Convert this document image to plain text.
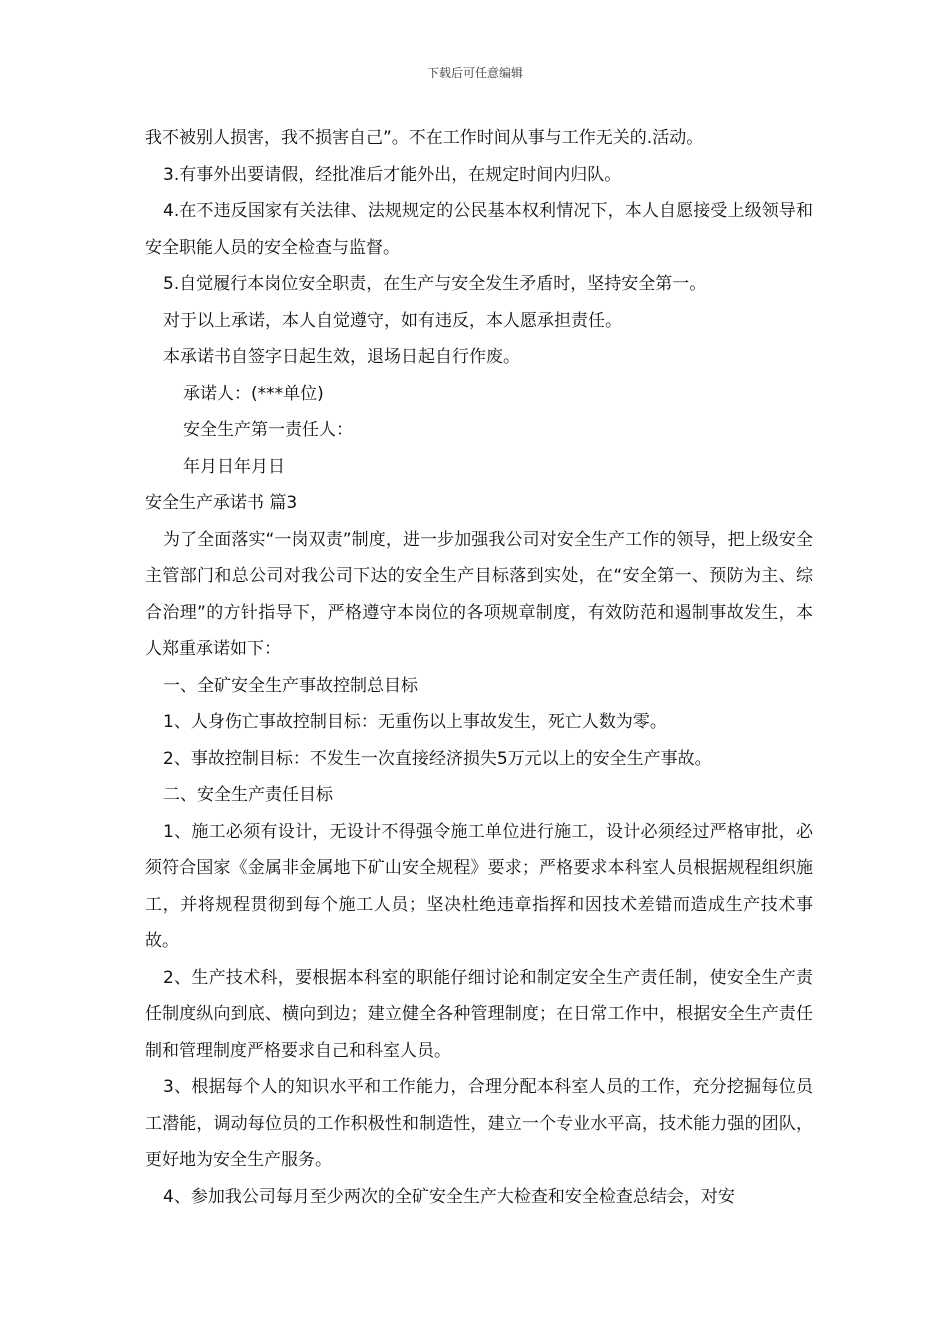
下载后可任意编辑

我不被别人损害，我不损害自己”。不在工作时间从事与工作无关的.活动。

3.有事外出要请假，经批准后才能外出，在规定时间内归队。

4.在不违反国家有关法律、法规规定的公民基本权利情况下，本人自愿接受上级领导和安全职能人员的安全检查与监督。

5.自觉履行本岗位安全职责，在生产与安全发生矛盾时，坚持安全第一。

对于以上承诺，本人自觉遵守，如有违反，本人愿承担责任。

本承诺书自签字日起生效，退场日起自行作废。

承诺人：(***单位)

安全生产第一责任人：

年月日年月日

安全生产承诺书 篇3

为了全面落实“一岗双责”制度，进一步加强我公司对安全生产工作的领导，把上级安全主管部门和总公司对我公司下达的安全生产目标落到实处，在“安全第一、预防为主、综合治理”的方针指导下，严格遵守本岗位的各项规章制度，有效防范和遏制事故发生，本人郑重承诺如下：

一、全矿安全生产事故控制总目标

1、人身伤亡事故控制目标：无重伤以上事故发生，死亡人数为零。

2、事故控制目标：不发生一次直接经济损失5万元以上的安全生产事故。

二、安全生产责任目标

1、施工必须有设计，无设计不得强令施工单位进行施工，设计必须经过严格审批，必须符合国家《金属非金属地下矿山安全规程》要求；严格要求本科室人员根据规程组织施工，并将规程贯彻到每个施工人员；坚决杜绝违章指挥和因技术差错而造成生产技术事故。

2、生产技术科，要根据本科室的职能仔细讨论和制定安全生产责任制，使安全生产责任制度纵向到底、横向到边；建立健全各种管理制度；在日常工作中，根据安全生产责任制和管理制度严格要求自己和科室人员。

3、根据每个人的知识水平和工作能力，合理分配本科室人员的工作，充分挖掘每位员工潜能，调动每位员的工作积极性和制造性，建立一个专业水平高，技术能力强的团队，更好地为安全生产服务。

4、参加我公司每月至少两次的全矿安全生产大检查和安全检查总结会，对安
